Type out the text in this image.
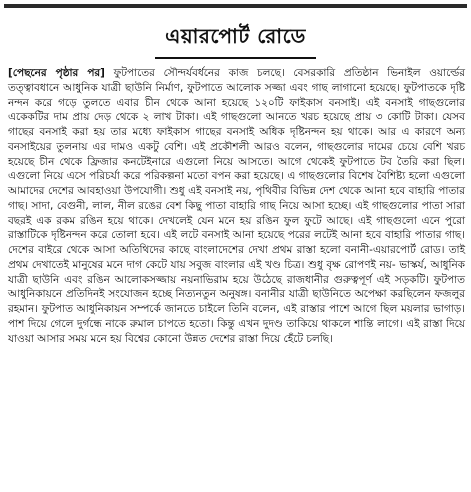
এয়ারপোর্ট রোডে

[পেছনের পৃষ্ঠার পর] ফুটপাতের সৌন্দর্যবর্ধনের কাজ চলছে। বেসরকারি প্রতিষ্ঠান ভিনাইল ওয়ার্ল্ডের তত্ত্বাবধানে আধুনিক যাত্রী ছাউনি নির্মাণ, ফুটপাতে আলোক সজ্জা এবং গাছ লাগানো হয়েছে। ফুটপাতকে দৃষ্টি নন্দন করে গড়ে তুলতে এবার চীন থেকে আনা হয়েছে ১২০টি ফাইকাস বনসাই। এই বনসাই গাছগুলোর একেকটির দাম প্রায় দেড় থেকে ২ লাখ টাকা। এই গাছগুলো আনতে খরচ হয়েছে প্রায় ৩ কোটি টাকা। যেসব গাছের বনসাই করা হয় তার মধ্যে ফাইকাস গাছের বনসাই অধিক দৃষ্টিনন্দন হয় থাকে। আর এ কারণে অন্য বনসাইয়ের তুলনায় এর দামও একটু বেশি। এই প্রকৌশলী আরও বলেন, গাছগুলোর দামের চেয়ে বেশি খরচ হয়েছে চীন থেকে ফ্রিজার কনটেইনারে এগুলো নিয়ে আসতে। আগে থেকেই ফুটপাতে টব তৈরি করা ছিল। এগুলো নিয়ে এসে পরিচর্যা করে পরিকল্পনা মতো বপন করা হয়েছে। এ গাছগুলোর বিশেষ বৈশিষ্ট্য হলো এগুলো আমাদের দেশের আবহাওয়া উপযোগী। শুধু এই বনসাই নয়, পৃথিবীর বিভিন্ন দেশ থেকে আনা হবে বাহারি পাতার গাছ। সাদা, বেগুনী, লাল, নীল রঙের বেশ কিছু পাতা বাহারি গাছ নিয়ে আসা হচ্ছে। এই গাছগুলোর পাতা সারা বছরই এক রকম রঙিন হয়ে থাকে। দেখলেই যেন মনে হয় রঙিন ফুল ফুটে আছে। এই গাছগুলো এনে পুরো রাস্তাটিকে দৃষ্টিনন্দন করে তোলা হবে। এই লটে বনসাই আনা হয়েছে পরের লটেই আনা হবে বাহারি পাতার গাছ। দেশের বাইরে থেকে আসা অতিথিদের কাছে বাংলাদেশের দেখা প্রথম রাস্তা হলো বনানী-এয়ারপোর্ট রোড। তাই প্রথম দেখাতেই মানুষের মনে দাগ কেটে যায় সবুজ বাংলার এই খণ্ড চিত্র। শুধু বৃক্ষ রোপণই নয়- ভাস্কর্য, আধুনিক যাত্রী ছাউনি এবং রঙিন আলোকসজ্জায় নয়নাভিরাম হয়ে উঠেছে রাজধানীর গুরুত্বপূর্ণ এই সড়কটি। ফুটপাত আধুনিকায়নে প্রতিদিনই সংযোজন হচ্ছে নিত্যনতুন অনুষঙ্গ। বনানীর যাত্রী ছাউনিতে অপেক্ষা করছিলেন ফজলুর রহমান। ফুটপাত আধুনিকায়ন সম্পর্কে জানতে চাইলে তিনি বলেন, এই রাস্তার পাশে আগে ছিল ময়লার ভাগাড়। পাশ দিয়ে গেলে দুর্গন্ধে নাকে রুমাল চাপতে হতো। কিন্তু এখন দুদণ্ড তাকিয়ে থাকলে শান্তি লাগে। এই রাস্তা দিয়ে যাওয়া আসার সময় মনে হয় বিশ্বের কোনো উন্নত দেশের রাস্তা দিয়ে হেঁটে চলছি।
